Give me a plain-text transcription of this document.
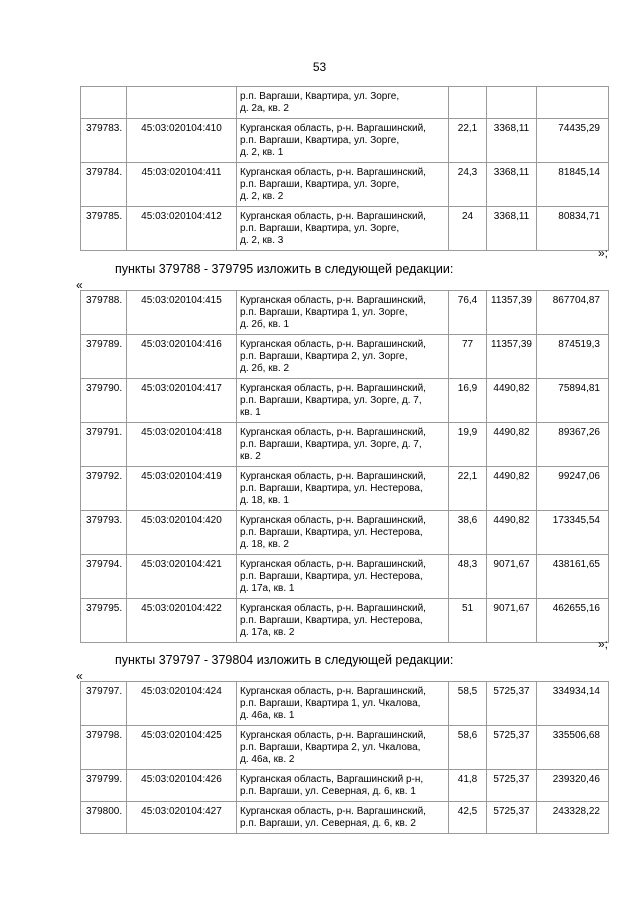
53

		р.п. Варгаши, Квартира, ул. Зорге,
д. 2а, кв. 2			

379783.	45:03:020104:410	Курганская область, р-н. Варгашинский,
р.п. Варгаши, Квартира, ул. Зорге,
д. 2, кв. 1	22,1	3368,11	74435,29
379784.	45:03:020104:411	Курганская область, р-н. Варгашинский,
р.п. Варгаши, Квартира, ул. Зорге,
д. 2, кв. 2	24,3	3368,11	81845,14
379785.	45:03:020104:412	Курганская область, р-н. Варгашинский,
р.п. Варгаши, Квартира, ул. Зорге,
д. 2, кв. 3	24	3368,11	80834,71
»;
пункты 379788 - 379795 изложить в следующей редакции:
«
379788.	45:03:020104:415	Курганская область, р-н. Варгашинский,
р.п. Варгаши, Квартира 1, ул. Зорге,
д. 2б, кв. 1	76,4	11357,39	867704,87
379789.	45:03:020104:416	Курганская область, р-н. Варгашинский,
р.п. Варгаши, Квартира 2, ул. Зорге,
д. 2б, кв. 2	77	11357,39	874519,3
379790.	45:03:020104:417	Курганская область, р-н. Варгашинский,
р.п. Варгаши, Квартира, ул. Зорге, д. 7,
кв. 1	16,9	4490,82	75894,81
379791.	45:03:020104:418	Курганская область, р-н. Варгашинский,
р.п. Варгаши, Квартира, ул. Зорге, д. 7,
кв. 2	19,9	4490,82	89367,26
379792.	45:03:020104:419	Курганская область, р-н. Варгашинский,
р.п. Варгаши, Квартира, ул. Нестерова,
д. 18, кв. 1	22,1	4490,82	99247,06
379793.	45:03:020104:420	Курганская область, р-н. Варгашинский,
р.п. Варгаши, Квартира, ул. Нестерова,
д. 18, кв. 2	38,6	4490,82	173345,54
379794.	45:03:020104:421	Курганская область, р-н. Варгашинский,
р.п. Варгаши, Квартира, ул. Нестерова,
д. 17а, кв. 1	48,3	9071,67	438161,65
379795.	45:03:020104:422	Курганская область, р-н. Варгашинский,
р.п. Варгаши, Квартира, ул. Нестерова,
д. 17а, кв. 2	51	9071,67	462655,16
»;
пункты 379797 - 379804 изложить в следующей редакции:
«
379797.	45:03:020104:424	Курганская область, р-н. Варгашинский,
р.п. Варгаши, Квартира 1, ул. Чкалова,
д. 46а, кв. 1	58,5	5725,37	334934,14
379798.	45:03:020104:425	Курганская область, р-н. Варгашинский,
р.п. Варгаши, Квартира 2, ул. Чкалова,
д. 46а, кв. 2	58,6	5725,37	335506,68
379799.	45:03:020104:426	Курганская область, Варгашинский р-н,
р.п. Варгаши, ул. Северная, д. 6, кв. 1	41,8	5725,37	239320,46
379800.	45:03:020104:427	Курганская область, р-н. Варгашинский,
р.п. Варгаши, ул. Северная, д. 6, кв. 2	42,5	5725,37	243328,22
